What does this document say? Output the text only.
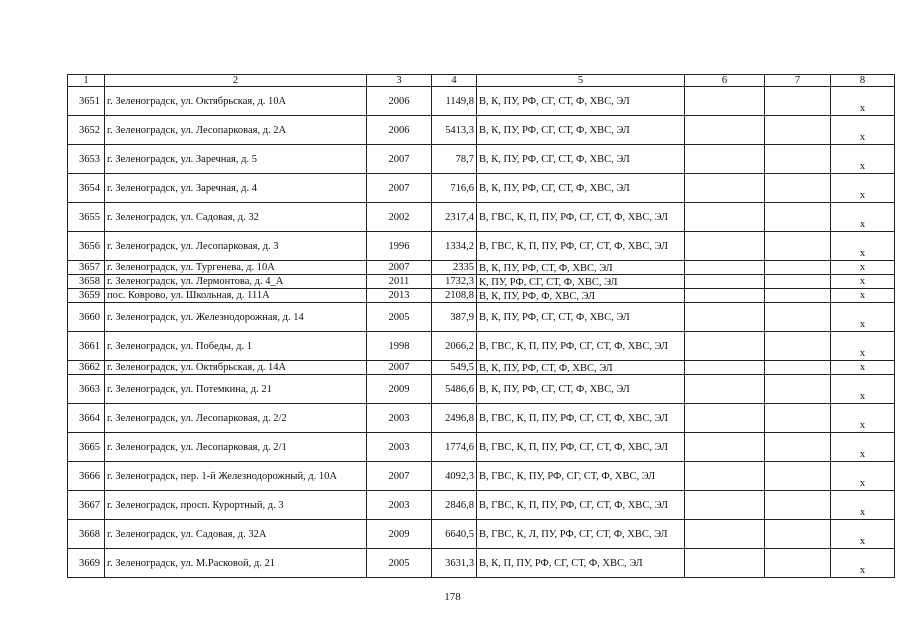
1	2	3	4	5	6	7	8
3651	г. Зеленоградск, ул. Октябрьская, д. 10А	2006	1149,8	В, К, ПУ, РФ, СГ, СТ, Ф, ХВС, ЭЛ			х
3652	г. Зеленоградск, ул. Лесопарковая, д. 2А	2006	5413,3	В, К, ПУ, РФ, СГ, СТ, Ф, ХВС, ЭЛ			х
3653	г. Зеленоградск, ул. Заречная, д. 5	2007	78,7	В, К, ПУ, РФ, СГ, СТ, Ф, ХВС, ЭЛ			х
3654	г. Зеленоградск, ул. Заречная, д. 4	2007	716,6	В, К, ПУ, РФ, СГ, СТ, Ф, ХВС, ЭЛ			х
3655	г. Зеленоградск, ул. Садовая, д. 32	2002	2317,4	В, ГВС, К, П, ПУ, РФ, СГ, СТ, Ф, ХВС, ЭЛ			х
3656	г. Зеленоградск, ул. Лесопарковая, д. 3	1996	1334,2	В, ГВС, К, П, ПУ, РФ, СГ, СТ, Ф, ХВС, ЭЛ			х
3657	г. Зеленоградск, ул. Тургенева, д. 10А	2007	2335	В, К, ПУ, РФ, СТ, Ф, ХВС, ЭЛ			х
3658	г. Зеленоградск, ул. Лермонтова, д. 4_А	2011	1732,3	К, ПУ, РФ, СГ, СТ, Ф, ХВС, ЭЛ			х
3659	пос. Коврово, ул. Школьная, д. 111А	2013	2108,8	В, К, ПУ, РФ, Ф, ХВС, ЭЛ			х
3660	г. Зеленоградск, ул. Железнодорожная, д. 14	2005	387,9	В, К, ПУ, РФ, СГ, СТ, Ф, ХВС, ЭЛ			х
3661	г. Зеленоградск, ул. Победы, д. 1	1998	2066,2	В, ГВС, К, П, ПУ, РФ, СГ, СТ, Ф, ХВС, ЭЛ			х
3662	г. Зеленоградск, ул. Октябрьская, д. 14А	2007	549,5	В, К, ПУ, РФ, СТ, Ф, ХВС, ЭЛ			х
3663	г. Зеленоградск, ул. Потемкина, д. 21	2009	5486,6	В, К, ПУ, РФ, СГ, СТ, Ф, ХВС, ЭЛ			х
3664	г. Зеленоградск, ул. Лесопарковая, д. 2/2	2003	2496,8	В, ГВС, К, П, ПУ, РФ, СГ, СТ, Ф, ХВС, ЭЛ			х
3665	г. Зеленоградск, ул. Лесопарковая, д. 2/1	2003	1774,6	В, ГВС, К, П, ПУ, РФ, СГ, СТ, Ф, ХВС, ЭЛ			х
3666	г. Зеленоградск, пер. 1-й Железнодорожный, д. 10А	2007	4092,3	В, ГВС, К, ПУ, РФ, СГ, СТ, Ф, ХВС, ЭЛ			х
3667	г. Зеленоградск, просп. Курортный, д. 3	2003	2846,8	В, ГВС, К, П, ПУ, РФ, СГ, СТ, Ф, ХВС, ЭЛ			х
3668	г. Зеленоградск, ул. Садовая, д. 32А	2009	6640,5	В, ГВС, К, Л, ПУ, РФ, СГ, СТ, Ф, ХВС, ЭЛ			х
3669	г. Зеленоградск, ул. М.Расковой, д. 21	2005	3631,3	В, К, П, ПУ, РФ, СГ, СТ, Ф, ХВС, ЭЛ			х
178
